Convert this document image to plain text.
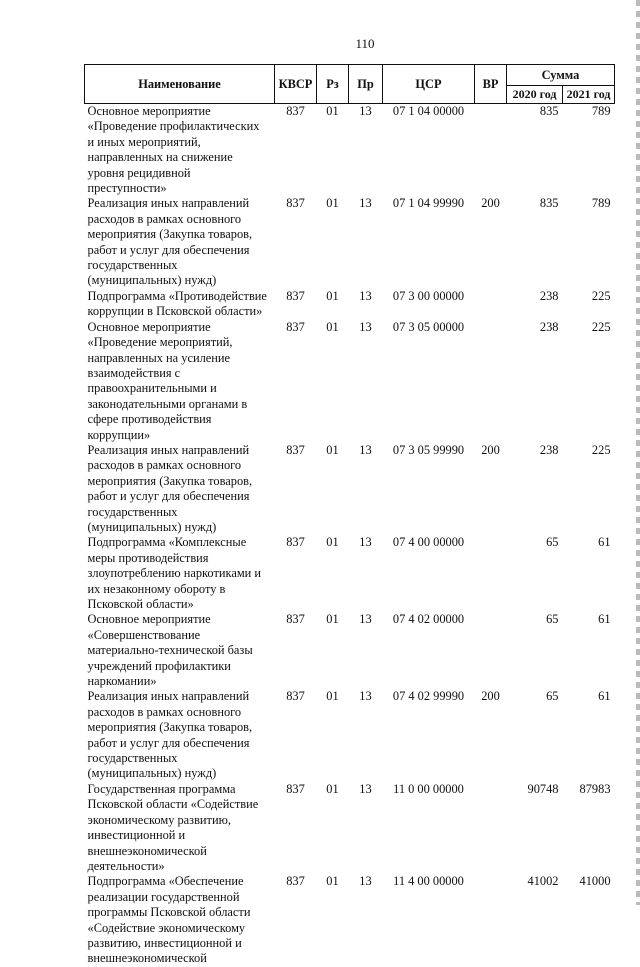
110
Наименование	КВСР	Рз	Пр	ЦСР	ВР	Сумма	
						2020 год	2021 год
Основное мероприятие «Проведение профилактических и иных мероприятий, направленных на снижение уровня рецидивной преступности»	837	01	13	07 1 04 00000		835	789
Реализация иных направлений расходов в рамках основного мероприятия (Закупка товаров, работ и услуг для обеспечения государственных (муниципальных) нужд)	837	01	13	07 1 04 99990	200	835	789
Подпрограмма «Противодействие коррупции в Псковской области»	837	01	13	07 3 00 00000		238	225
Основное мероприятие «Проведение мероприятий, направленных на усиление взаимодействия с правоохранительными и законодательными органами в сфере противодействия коррупции»	837	01	13	07 3 05 00000		238	225
Реализация иных направлений расходов в рамках основного мероприятия (Закупка товаров, работ и услуг для обеспечения государственных (муниципальных) нужд)	837	01	13	07 3 05 99990	200	238	225
Подпрограмма «Комплексные меры противодействия злоупотреблению наркотиками и их незаконному обороту в Псковской области»	837	01	13	07 4 00 00000		65	61
Основное мероприятие «Совершенствование материально-технической базы учреждений профилактики наркомании»	837	01	13	07 4 02 00000		65	61
Реализация иных направлений расходов в рамках основного мероприятия (Закупка товаров, работ и услуг для обеспечения государственных (муниципальных) нужд)	837	01	13	07 4 02 99990	200	65	61
Государственная программа Псковской области «Содействие экономическому развитию, инвестиционной и внешнеэкономической деятельности»	837	01	13	11 0 00 00000		90748	87983
Подпрограмма «Обеспечение реализации государственной программы Псковской области «Содействие экономическому развитию, инвестиционной и внешнеэкономической	837	01	13	11 4 00 00000		41002	41000
